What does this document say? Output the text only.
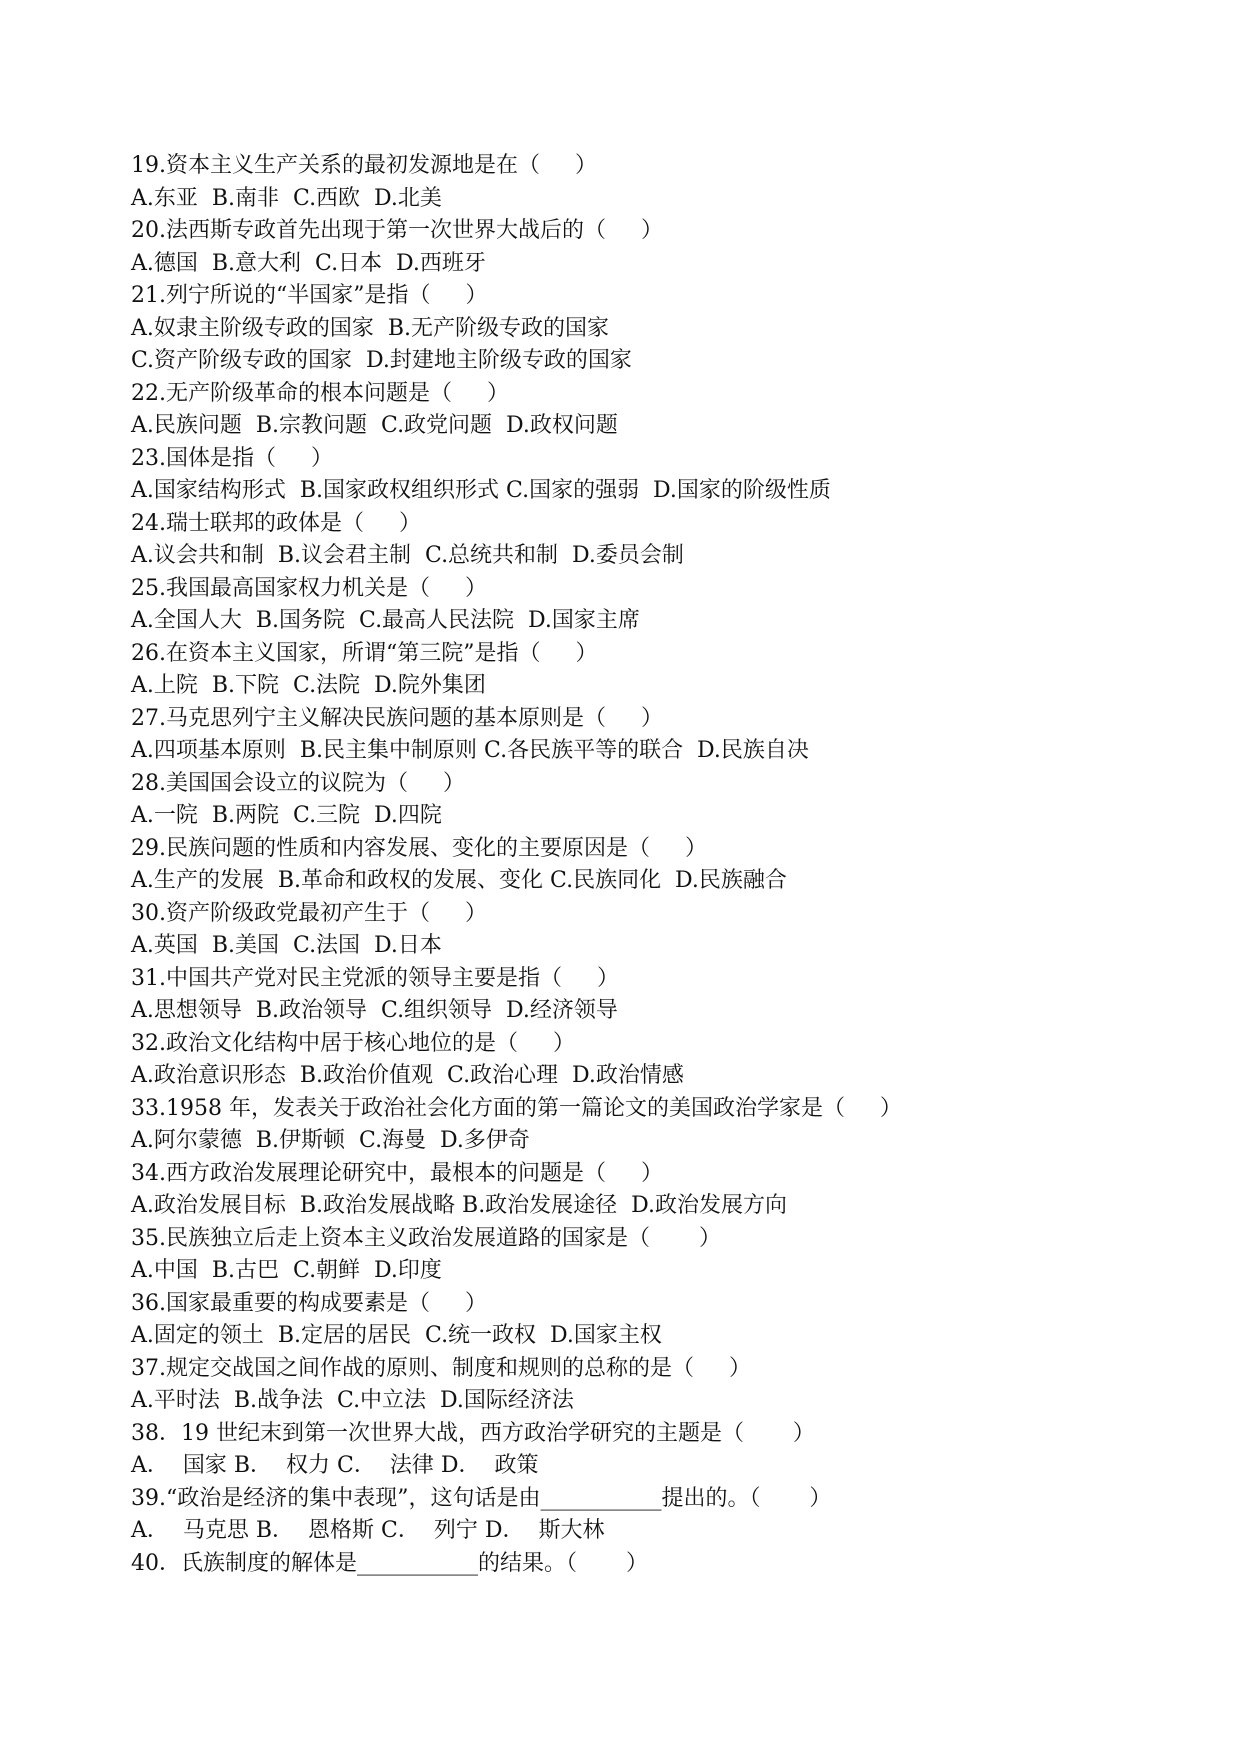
19.资本主义生产关系的最初发源地是在（     ）
A.东亚  B.南非  C.西欧  D.北美
20.法西斯专政首先出现于第一次世界大战后的（     ）
A.德国  B.意大利  C.日本  D.西班牙
21.列宁所说的“半国家”是指（     ）
A.奴隶主阶级专政的国家  B.无产阶级专政的国家
C.资产阶级专政的国家  D.封建地主阶级专政的国家
22.无产阶级革命的根本问题是（     ）
A.民族问题  B.宗教问题  C.政党问题  D.政权问题
23.国体是指（     ）
A.国家结构形式  B.国家政权组织形式 C.国家的强弱  D.国家的阶级性质
24.瑞士联邦的政体是（     ）
A.议会共和制  B.议会君主制  C.总统共和制  D.委员会制
25.我国最高国家权力机关是（     ）
A.全国人大  B.国务院  C.最高人民法院  D.国家主席
26.在资本主义国家，所谓“第三院”是指（     ）
A.上院  B.下院  C.法院  D.院外集团
27.马克思列宁主义解决民族问题的基本原则是（     ）
A.四项基本原则  B.民主集中制原则 C.各民族平等的联合  D.民族自决
28.美国国会设立的议院为（     ）
A.一院  B.两院  C.三院  D.四院
29.民族问题的性质和内容发展、变化的主要原因是（     ）
A.生产的发展  B.革命和政权的发展、变化 C.民族同化  D.民族融合
30.资产阶级政党最初产生于（     ）
A.英国  B.美国  C.法国  D.日本
31.中国共产党对民主党派的领导主要是指（     ）
A.思想领导  B.政治领导  C.组织领导  D.经济领导
32.政治文化结构中居于核心地位的是（     ）
A.政治意识形态  B.政治价值观  C.政治心理  D.政治情感
33.1958 年，发表关于政治社会化方面的第一篇论文的美国政治学家是（     ）
A.阿尔蒙德  B.伊斯顿  C.海曼  D.多伊奇
34.西方政治发展理论研究中，最根本的问题是（     ）
A.政治发展目标  B.政治发展战略 B.政治发展途径  D.政治发展方向
35.民族独立后走上资本主义政治发展道路的国家是（       ）
A.中国  B.古巴  C.朝鲜  D.印度
36.国家最重要的构成要素是（     ）
A.固定的领土  B.定居的居民  C.统一政权  D.国家主权
37.规定交战国之间作战的原则、制度和规则的总称的是（     ）
A.平时法  B.战争法  C.中立法  D.国际经济法
38．19 世纪末到第一次世界大战，西方政治学研究的主题是（       ）
A．  国家 B．  权力 C．  法律 D．  政策
39.“政治是经济的集中表现”，这句话是由___________提出的。（       ）
A．  马克思 B．  恩格斯 C．  列宁 D．  斯大林
40．氏族制度的解体是___________的结果。（       ）
